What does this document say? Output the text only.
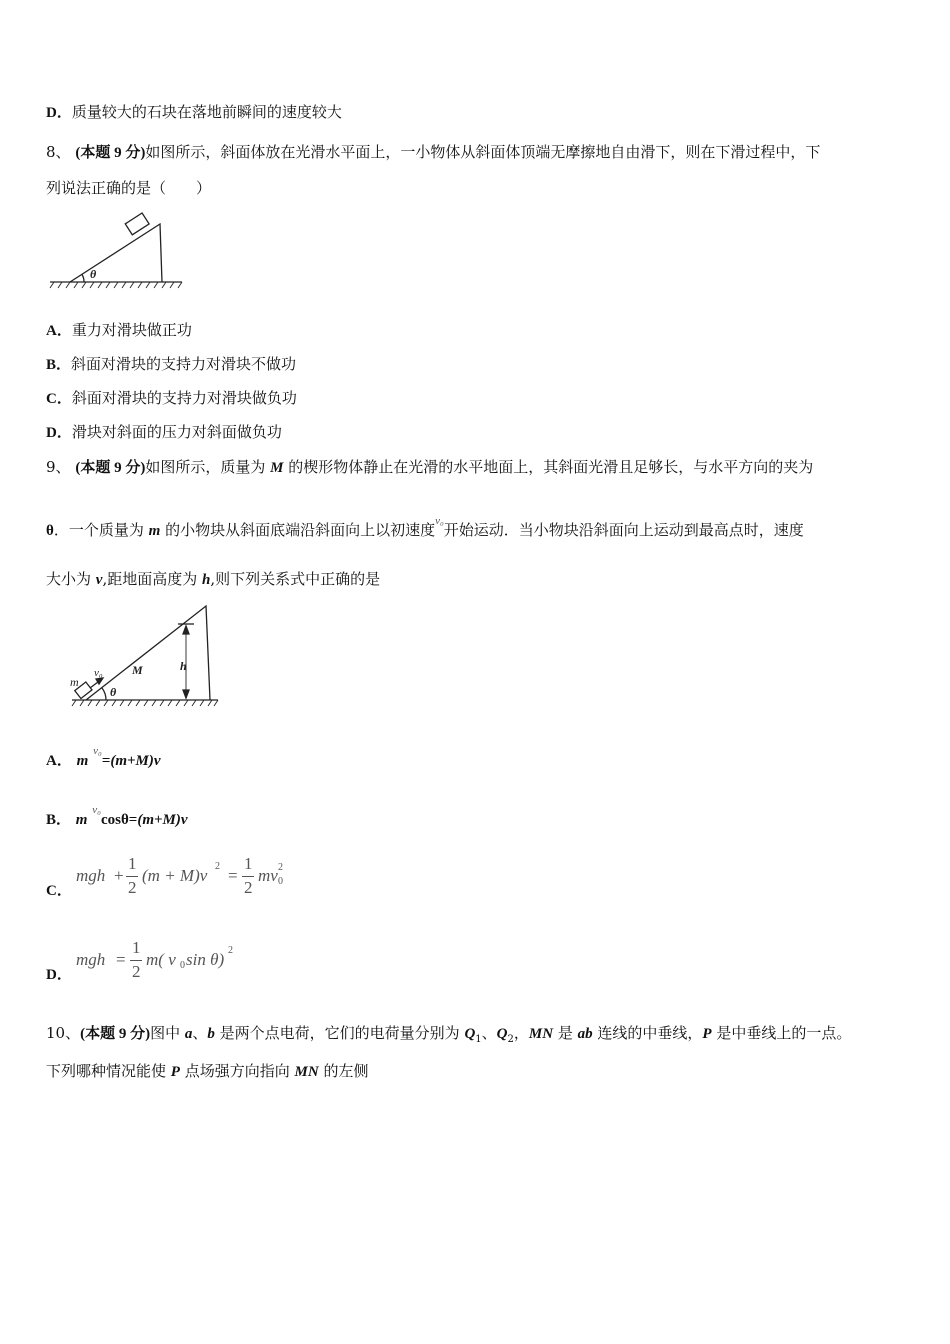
D．质量较大的石块在落地前瞬间的速度较大
8、 (本题 9 分)如图所示，斜面体放在光滑水平面上，一小物体从斜面体顶端无摩擦地自由滑下，则在下滑过程中，下
列说法正确的是（　　）
θ
A．重力对滑块做正功
B．斜面对滑块的支持力对滑块不做功
C．斜面对滑块的支持力对滑块做负功
D．滑块对斜面的压力对斜面做负功
9、 (本题 9 分)如图所示，质量为 M 的楔形物体静止在光滑的水平地面上，其斜面光滑且足够长，与水平方向的夹为
θ．一个质量为 m 的小物块从斜面底端沿斜面向上以初速度$^{v_0}$开始运动．当小物块沿斜面向上运动到最高点时，速度
大小为 v,距地面高度为 h,则下列关系式中正确的是
m
v₀ M	h
θ
A． m $^{v_0}$=(m+M)v
B． m $^{v_0}$cosθ=(m+M)v
C．
mgh +
1
2
(m + M)v 2 =
1
2
mv 0
2
D．
mgh =
1
2
m( v 0 sin θ) 2
10、(本题 9 分)图中 a、b 是两个点电荷，它们的电荷量分别为 $Q_1$、$Q_2$，MN 是 ab 连线的中垂线，P 是中垂线上的一点。
下列哪种情况能使 P 点场强方向指向 MN 的左侧
